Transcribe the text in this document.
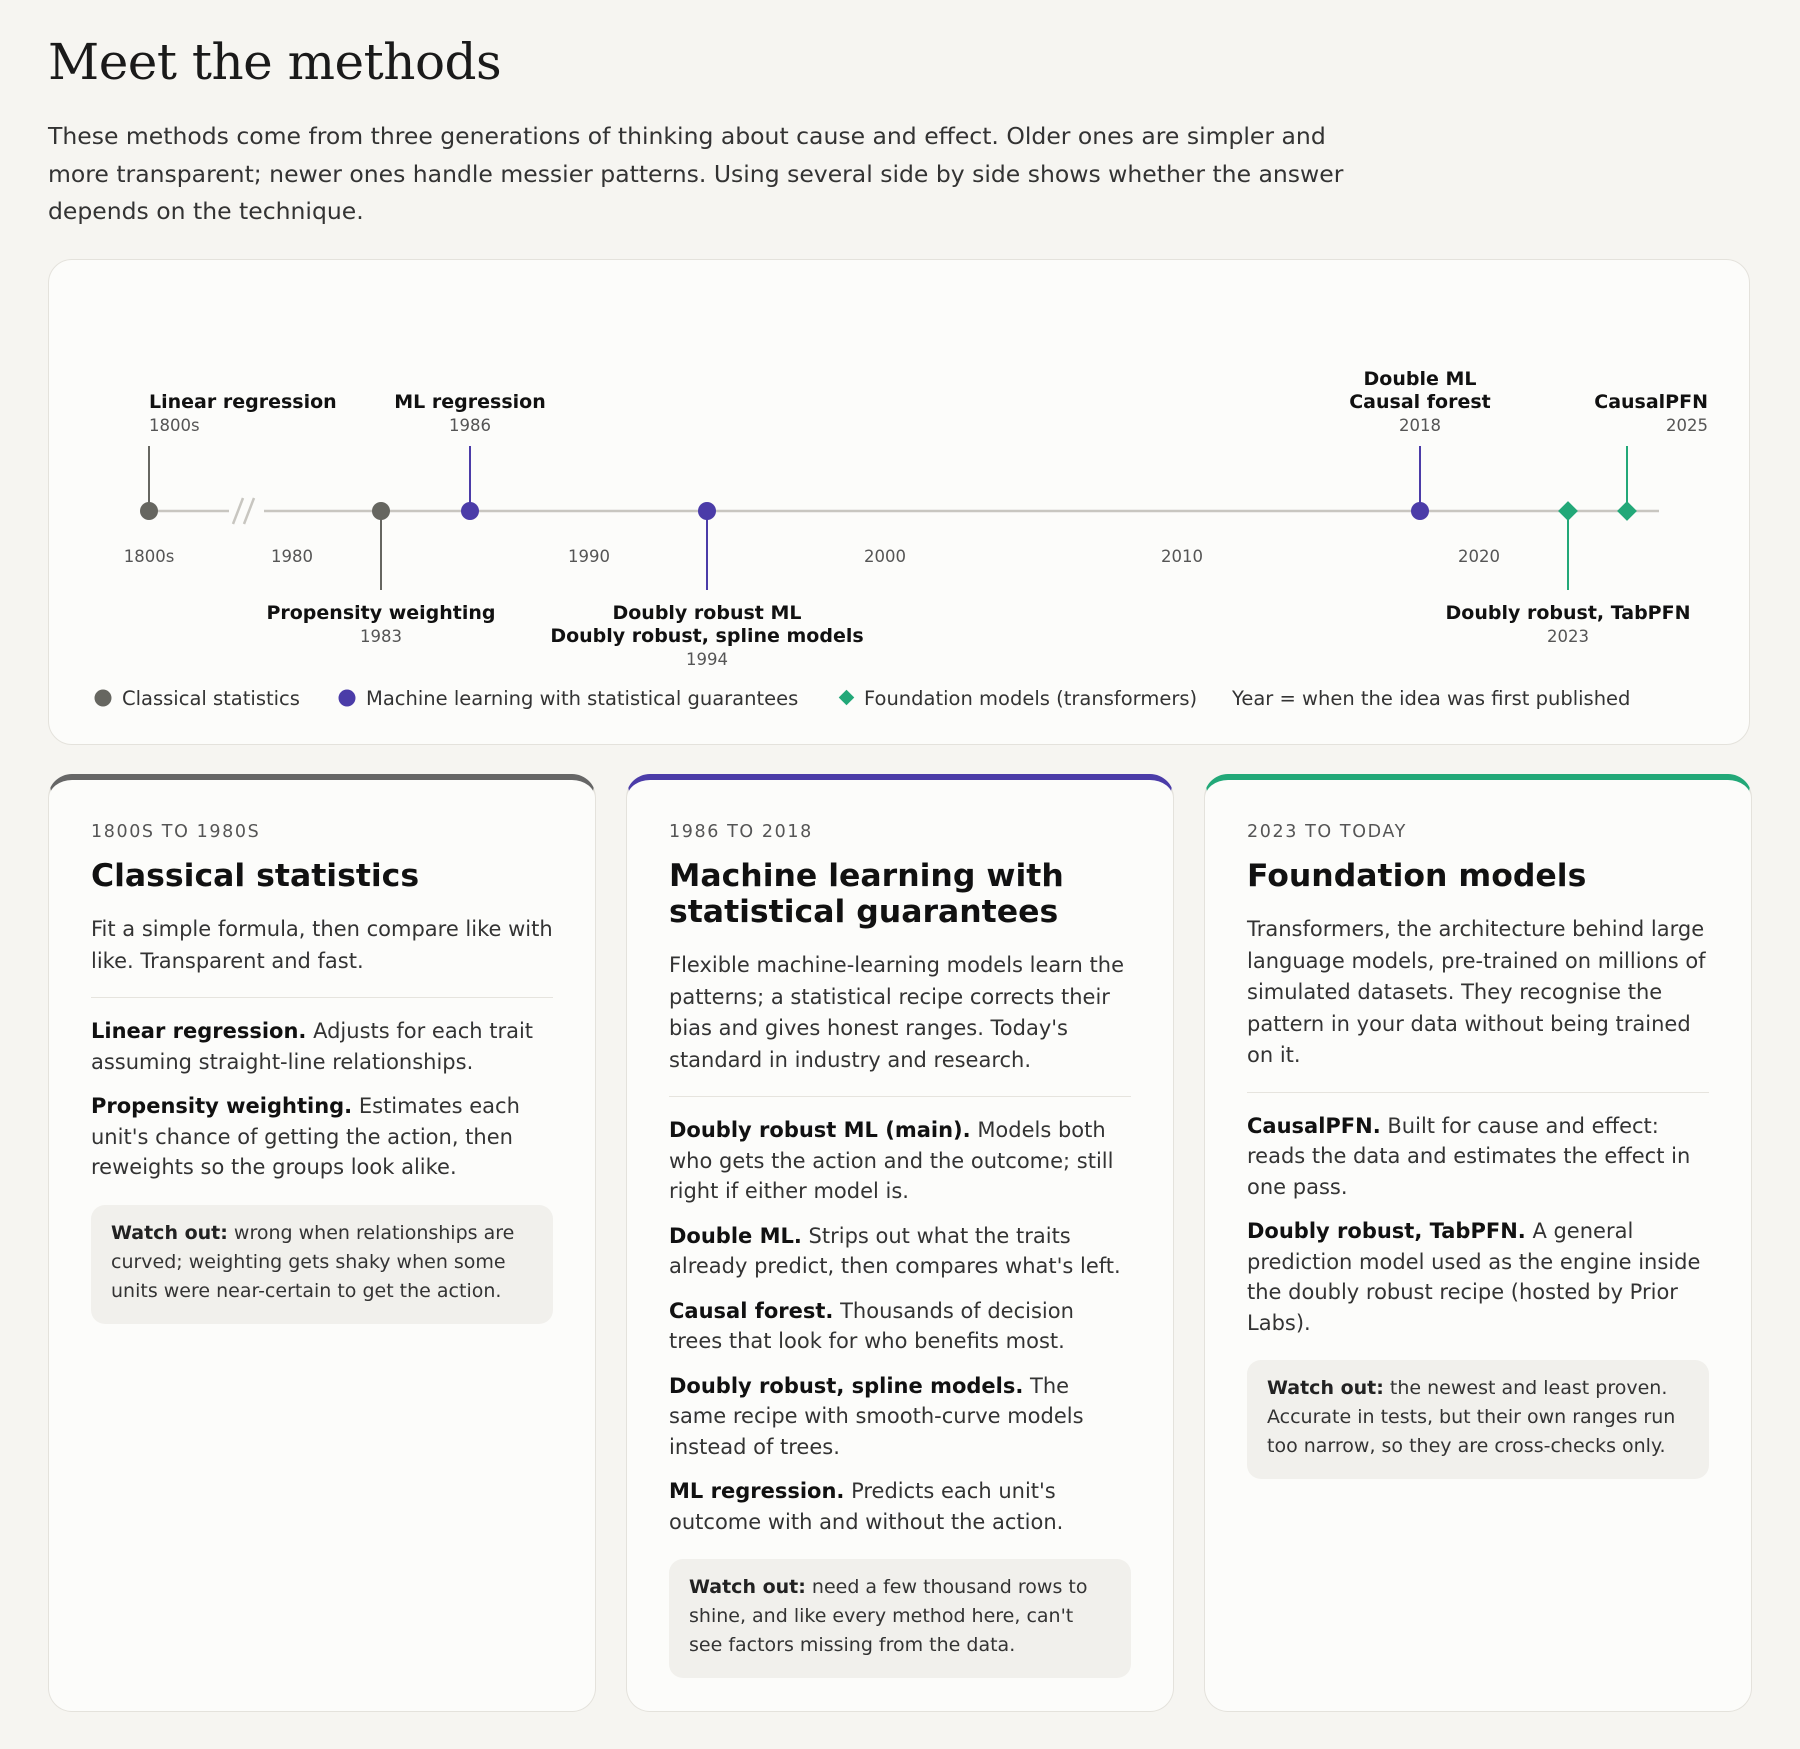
Meet the methods

These methods come from three generations of thinking about cause and effect. Older ones are simpler and more transparent; newer ones handle messier patterns. Using several side by side shows whether the answer depends on the technique.

1800s	1980	1990	2000	2010	2020
Linear regression
1800s
Propensity weighting
1983
ML regression
1986
Doubly robust ML
Doubly robust, spline models
1994
Double ML
Causal forest
2018
Doubly robust, TabPFN
2023
CausalPFN
2025
Classical statistics	Machine learning with statistical guarantees	Foundation models (transformers) Year = when the idea was first published

1800S TO 1980S

Classical statistics

Fit a simple formula, then compare like with like. Transparent and fast.

Linear regression. Adjusts for each trait assuming straight-line relationships.

Propensity weighting. Estimates each unit's chance of getting the action, then reweights so the groups look alike.

Watch out: wrong when relationships are curved; weighting gets shaky when some units were near-certain to get the action.

1986 TO 2018

Machine learning with statistical guarantees

Flexible machine-learning models learn the patterns; a statistical recipe corrects their bias and gives honest ranges. Today's standard in industry and research.

Doubly robust ML (main). Models both who gets the action and the outcome; still right if either model is.

Double ML. Strips out what the traits already predict, then compares what's left.

Causal forest. Thousands of decision trees that look for who benefits most.

Doubly robust, spline models. The same recipe with smooth-curve models instead of trees.

ML regression. Predicts each unit's outcome with and without the action.

Watch out: need a few thousand rows to shine, and like every method here, can't see factors missing from the data.

2023 TO TODAY

Foundation models

Transformers, the architecture behind large language models, pre-trained on millions of simulated datasets. They recognise the pattern in your data without being trained on it.

CausalPFN. Built for cause and effect: reads the data and estimates the effect in one pass.

Doubly robust, TabPFN. A general prediction model used as the engine inside the doubly robust recipe (hosted by Prior Labs).

Watch out: the newest and least proven. Accurate in tests, but their own ranges run too narrow, so they are cross-checks only.
